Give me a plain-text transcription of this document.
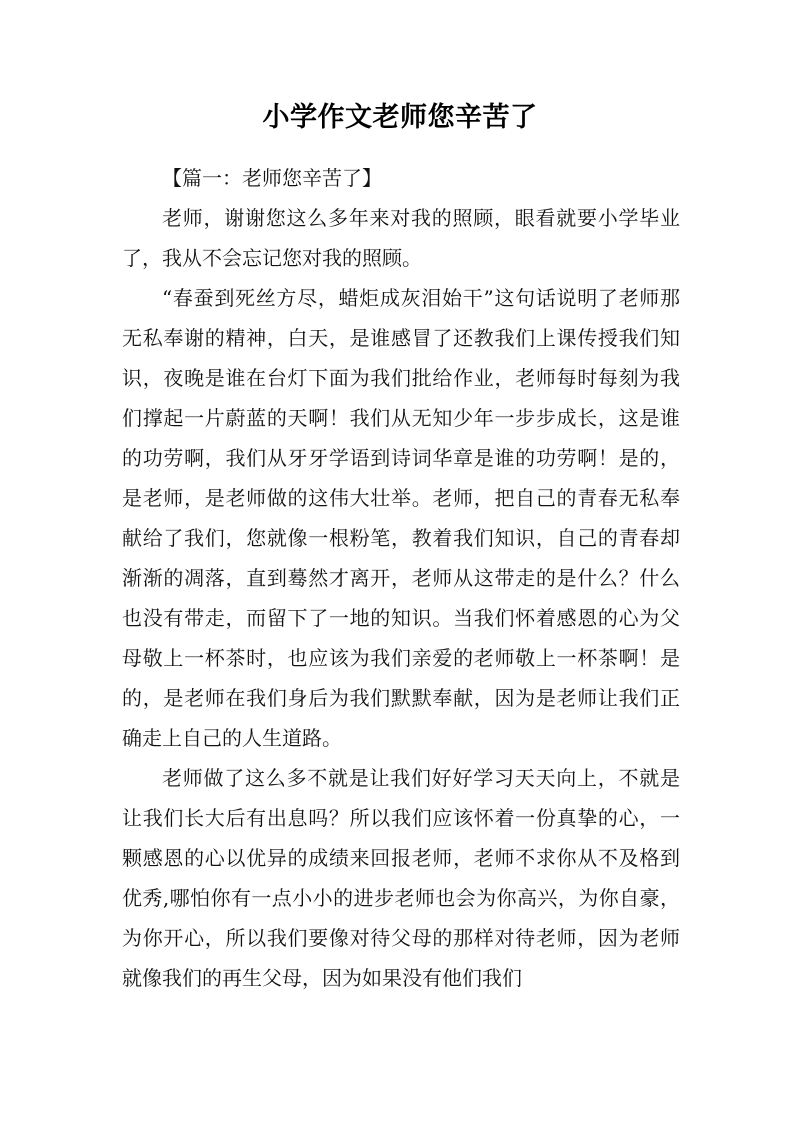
小学作文老师您辛苦了

【篇一：老师您辛苦了】

老师，谢谢您这么多年来对我的照顾，眼看就要小学毕业了，我从不会忘记您对我的照顾。

“春蚕到死丝方尽，蜡炬成灰泪始干”这句话说明了老师那无私奉谢的精神，白天，是谁感冒了还教我们上课传授我们知识，夜晚是谁在台灯下面为我们批给作业，老师每时每刻为我们撑起一片蔚蓝的天啊！我们从无知少年一步步成长，这是谁的功劳啊，我们从牙牙学语到诗词华章是谁的功劳啊！是的，是老师，是老师做的这伟大壮举。老师，把自己的青春无私奉献给了我们，您就像一根粉笔，教着我们知识，自己的青春却渐渐的凋落，直到蓦然才离开，老师从这带走的是什么？什么也没有带走，而留下了一地的知识。当我们怀着感恩的心为父母敬上一杯茶时，也应该为我们亲爱的老师敬上一杯茶啊！是的，是老师在我们身后为我们默默奉献，因为是老师让我们正确走上自己的人生道路。

老师做了这么多不就是让我们好好学习天天向上，不就是让我们长大后有出息吗？所以我们应该怀着一份真挚的心，一颗感恩的心以优异的成绩来回报老师，老师不求你从不及格到优秀,哪怕你有一点小小的进步老师也会为你高兴，为你自豪，为你开心，所以我们要像对待父母的那样对待老师，因为老师就像我们的再生父母，因为如果没有他们我们
